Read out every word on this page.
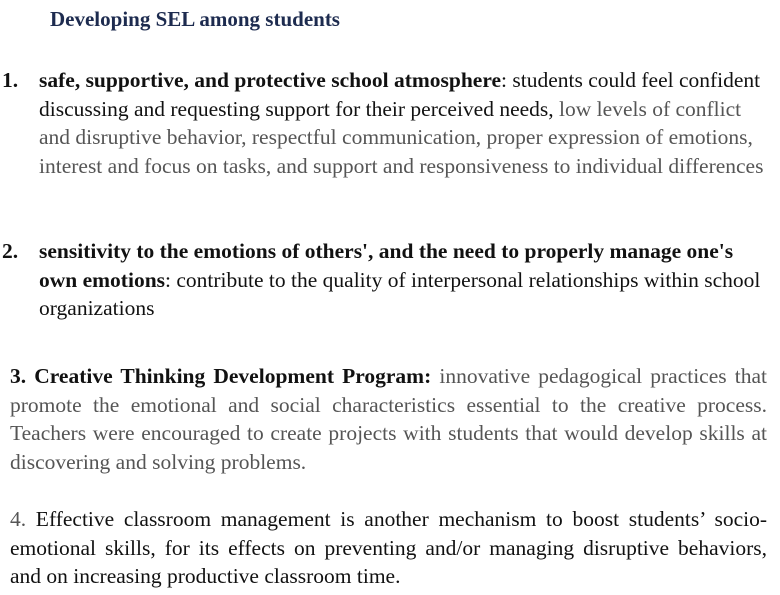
Developing SEL among students
1. safe, supportive, and protective school atmosphere: students could feel confident discussing and requesting support for their perceived needs, low levels of conflict and disruptive behavior, respectful communication, proper expression of emotions, interest and focus on tasks, and support and responsiveness to individual differences
2. sensitivity to the emotions of others', and the need to properly manage one's own emotions: contribute to the quality of interpersonal relationships within school organizations
3. Creative Thinking Development Program: innovative pedagogical practices that promote the emotional and social characteristics essential to the creative process. Teachers were encouraged to create projects with students that would develop skills at discovering and solving problems.
4. Effective classroom management is another mechanism to boost students’ socio-emotional skills, for its effects on preventing and/or managing disruptive behaviors, and on increasing productive classroom time.
